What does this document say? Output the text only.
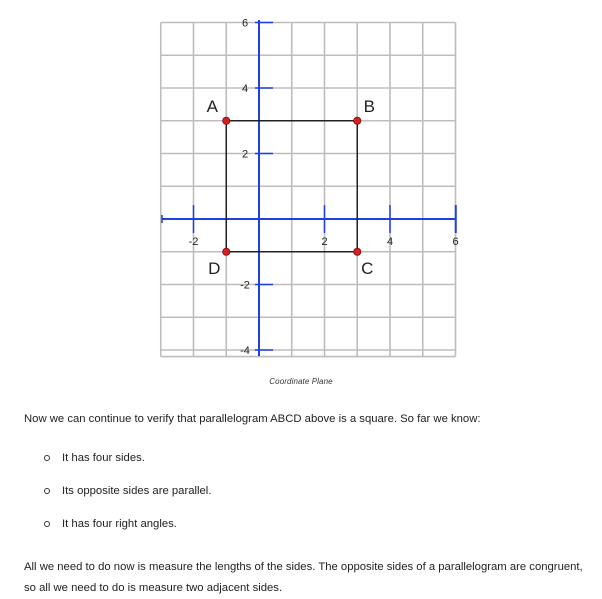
-2	2	4	6
6
4
2
-2
-4
A	B
C
D
Coordinate Plane

Now we can continue to verify that parallelogram ABCD above is a square. So far we know:

It has four sides.
Its opposite sides are parallel.
It has four right angles.

All we need to do now is measure the lengths of the sides. The opposite sides of a parallelogram are congruent, so all we need to do is measure two adjacent sides.
